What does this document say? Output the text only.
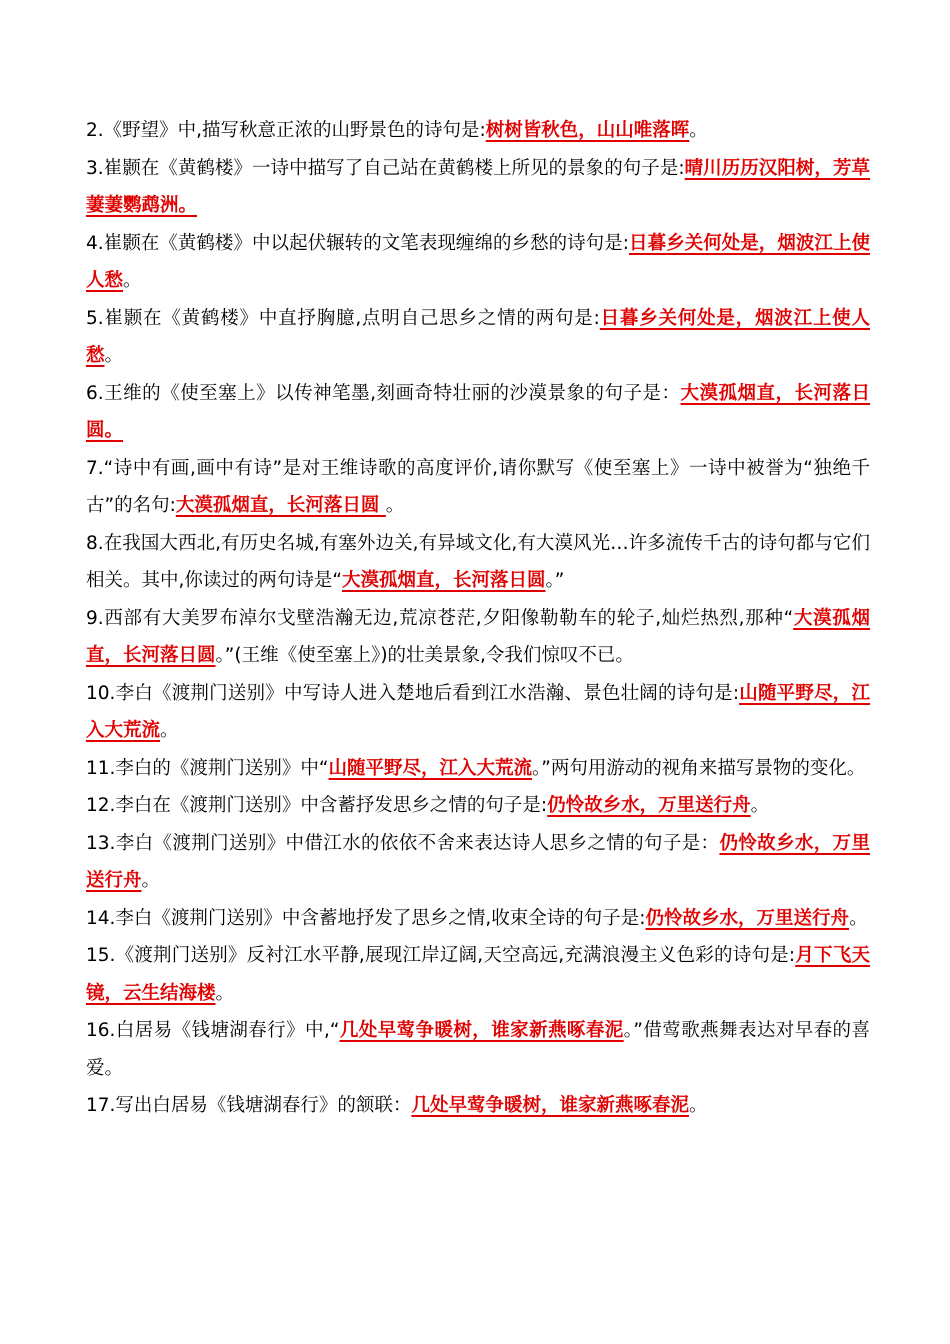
2.《野望》中,描写秋意正浓的山野景色的诗句是:树树皆秋色，山山唯落晖。

3.崔颢在《黄鹤楼》一诗中描写了自己站在黄鹤楼上所见的景象的句子是:晴川历历汉阳树，芳草萋萋鹦鹉洲。

4.崔颢在《黄鹤楼》中以起伏辗转的文笔表现缠绵的乡愁的诗句是:日暮乡关何处是，烟波江上使人愁。

5.崔颢在《黄鹤楼》中直抒胸臆,点明自己思乡之情的两句是:日暮乡关何处是，烟波江上使人愁。

6.王维的《使至塞上》以传神笔墨,刻画奇特壮丽的沙漠景象的句子是：大漠孤烟直，长河落日圆。

7.“诗中有画,画中有诗”是对王维诗歌的高度评价,请你默写《使至塞上》一诗中被誉为“独绝千古”的名句:大漠孤烟直，长河落日圆 。

8.在我国大西北,有历史名城,有塞外边关,有异域文化,有大漠风光…许多流传千古的诗句都与它们相关。其中,你读过的两句诗是“大漠孤烟直，长河落日圆。”

9.西部有大美罗布淖尔戈壁浩瀚无边,荒凉苍茫,夕阳像勒勒车的轮子,灿烂热烈,那种“大漠孤烟直，长河落日圆。”(王维《使至塞上》)的壮美景象,令我们惊叹不已。

10.李白《渡荆门送别》中写诗人进入楚地后看到江水浩瀚、景色壮阔的诗句是:山随平野尽，江入大荒流。

11.李白的《渡荆门送别》中“山随平野尽，江入大荒流。”两句用游动的视角来描写景物的变化。

12.李白在《渡荆门送别》中含蓄抒发思乡之情的句子是:仍怜故乡水，万里送行舟。

13.李白《渡荆门送别》中借江水的依依不舍来表达诗人思乡之情的句子是：仍怜故乡水，万里送行舟。

14.李白《渡荆门送别》中含蓄地抒发了思乡之情,收束全诗的句子是:仍怜故乡水，万里送行舟。

15.《渡荆门送别》反衬江水平静,展现江岸辽阔,天空高远,充满浪漫主义色彩的诗句是:月下飞天镜，云生结海楼。

16.白居易《钱塘湖春行》中,“几处早莺争暖树，谁家新燕啄春泥。”借莺歌燕舞表达对早春的喜爱。

17.写出白居易《钱塘湖春行》的颔联：几处早莺争暖树，谁家新燕啄春泥。
